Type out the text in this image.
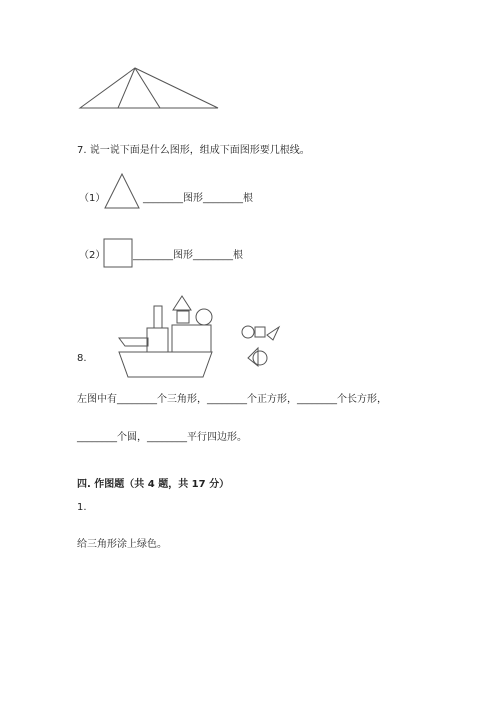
7. 说一说下面是什么图形，组成下面图形要几根线。
（1）	________图形________根
（2）	________图形________根
8.
左图中有________个三角形，________个正方形，________个长方形，
________个圆，________平行四边形。
四. 作图题（共 4 题，共 17 分）
1.
给三角形涂上绿色。
